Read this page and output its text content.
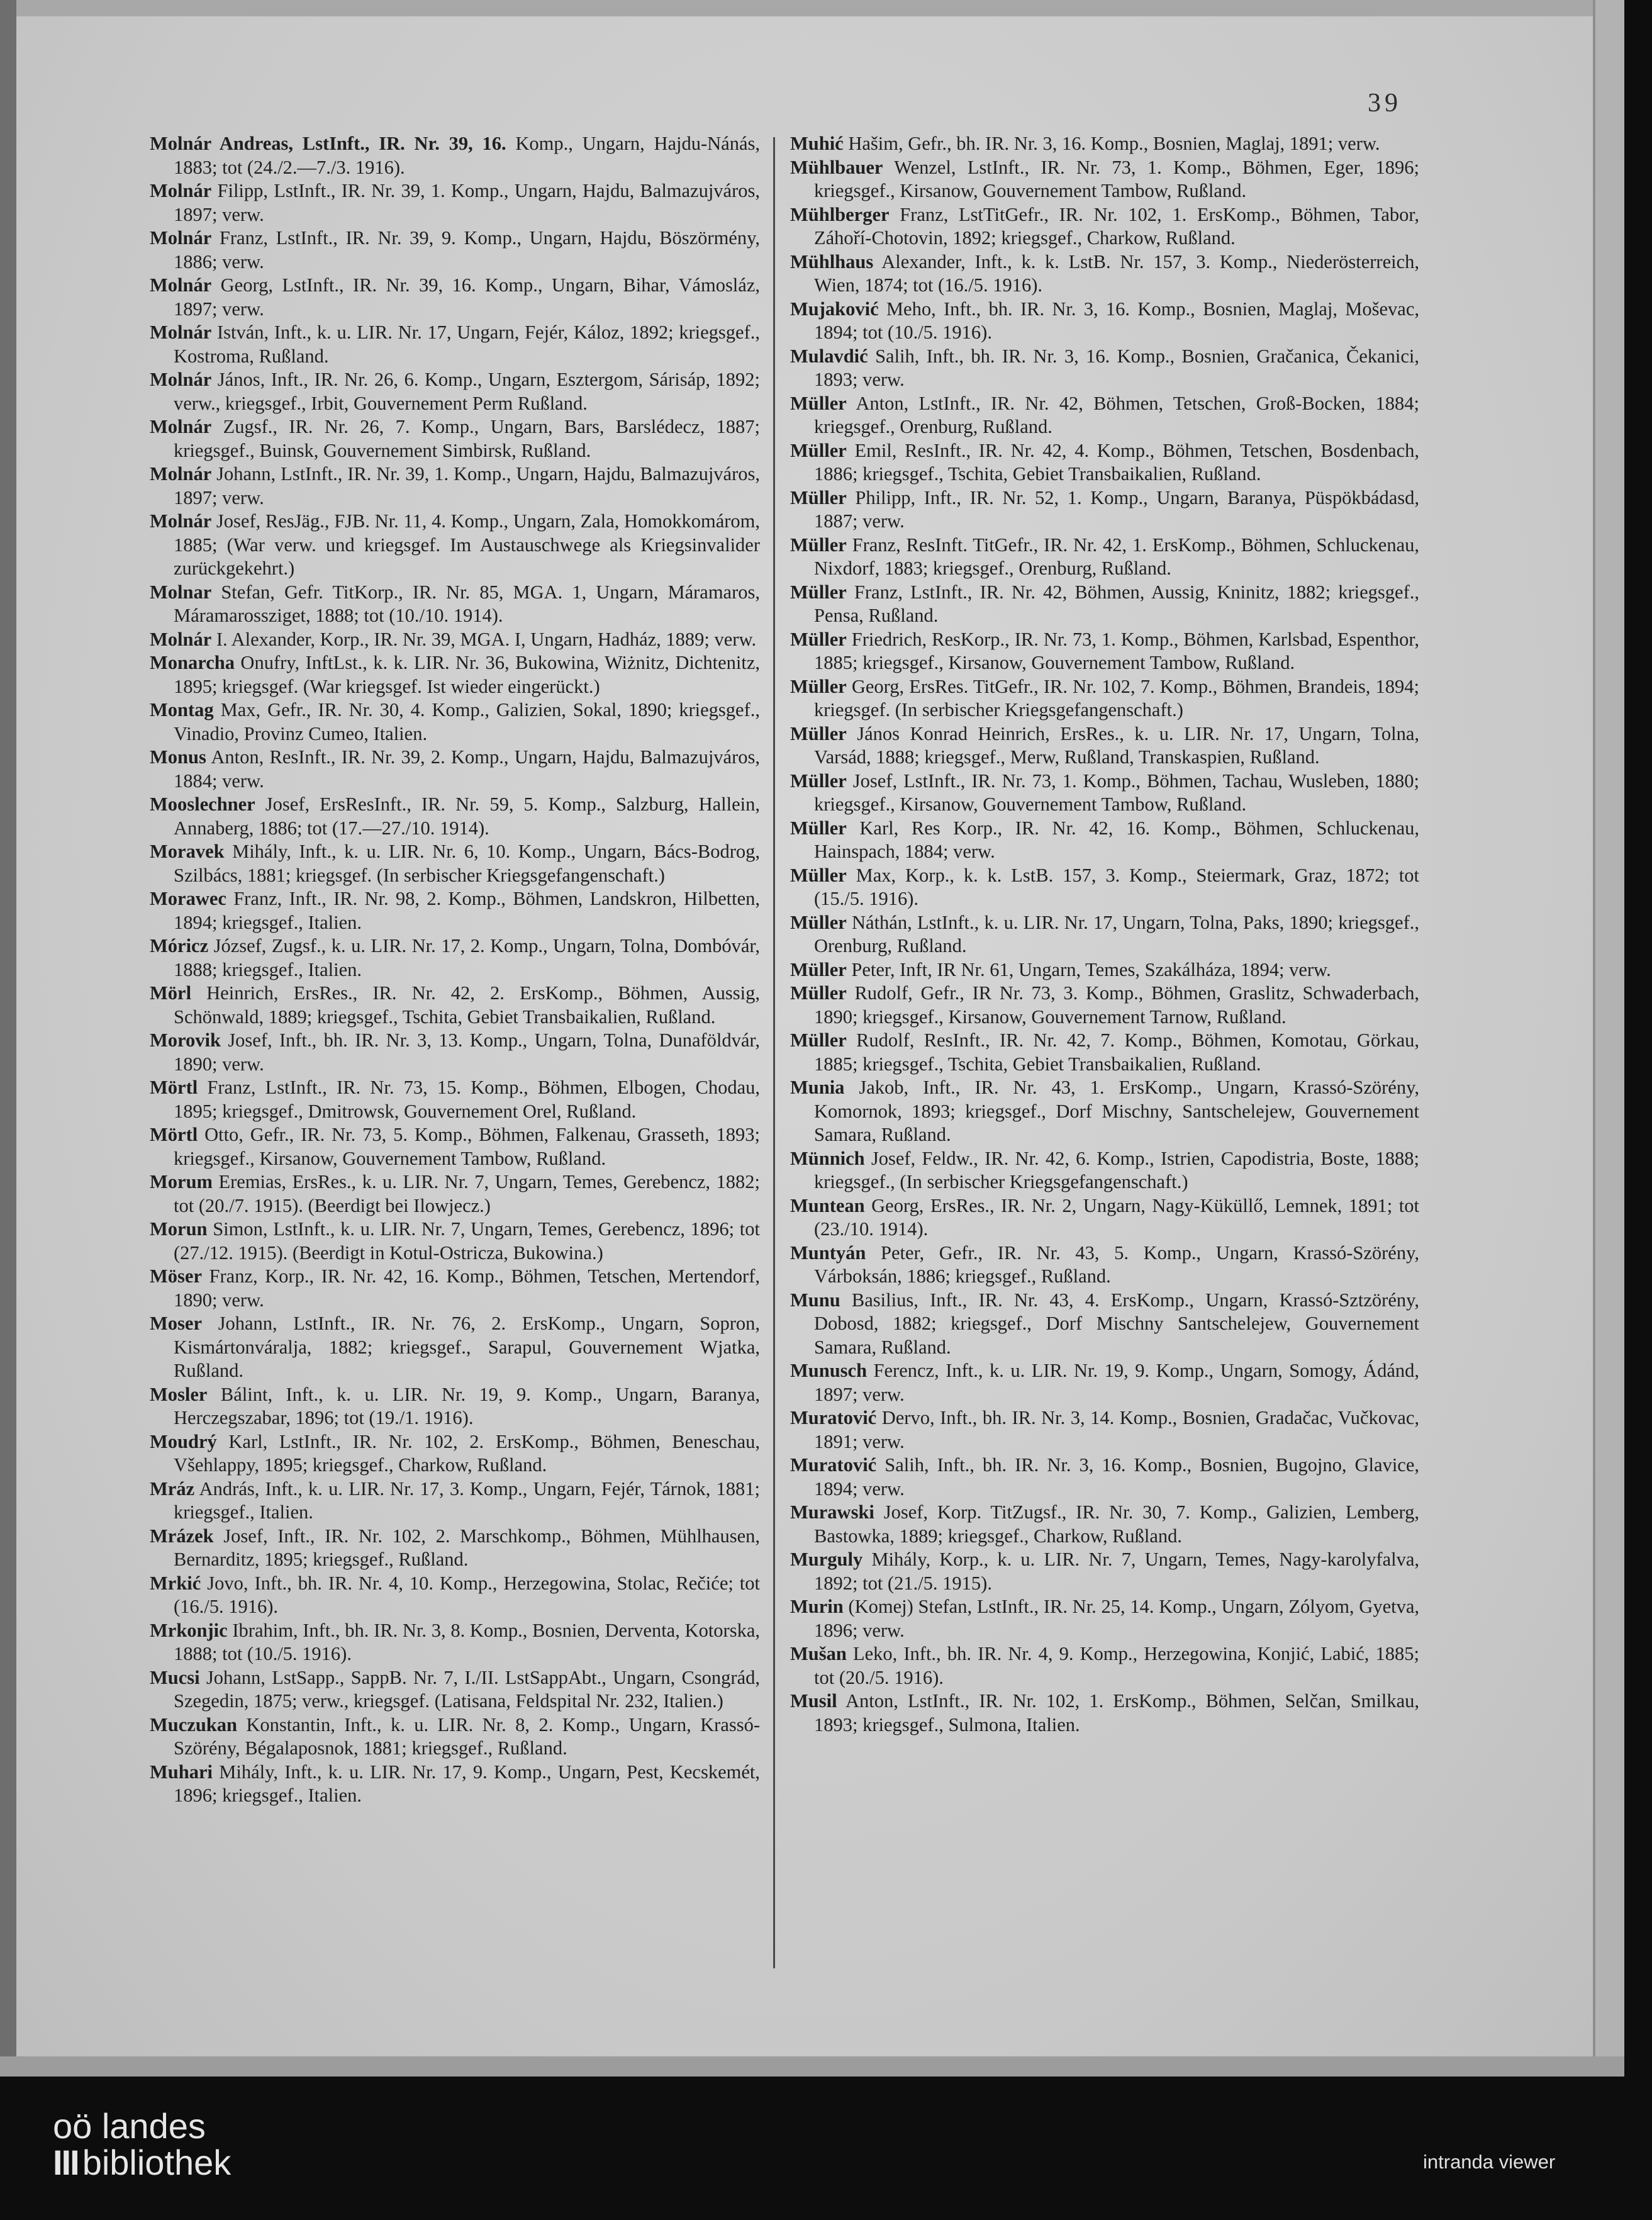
39

Molnár Andreas, LstInft., IR. Nr. 39, 16. Komp., Ungarn, Hajdu-Nánás, 1883; tot (24./2.—7./3. 1916).

Molnár Filipp, LstInft., IR. Nr. 39, 1. Komp., Ungarn, Hajdu, Balmazujváros, 1897; verw.

Molnár Franz, LstInft., IR. Nr. 39, 9. Komp., Ungarn, Hajdu, Böszörmény, 1886; verw.

Molnár Georg, LstInft., IR. Nr. 39, 16. Komp., Ungarn, Bihar, Vámosláz, 1897; verw.

Molnár István, Inft., k. u. LIR. Nr. 17, Ungarn, Fejér, Káloz, 1892; kriegsgef., Kostroma, Rußland.

Molnár János, Inft., IR. Nr. 26, 6. Komp., Ungarn, Esztergom, Sárisáp, 1892; verw., kriegsgef., Irbit, Gouvernement Perm Rußland.

Molnár Zugsf., IR. Nr. 26, 7. Komp., Ungarn, Bars, Barslédecz, 1887; kriegsgef., Buinsk, Gouvernement Simbirsk, Rußland.

Molnár Johann, LstInft., IR. Nr. 39, 1. Komp., Ungarn, Hajdu, Balmazujváros, 1897; verw.

Molnár Josef, ResJäg., FJB. Nr. 11, 4. Komp., Ungarn, Zala, Homokkomárom, 1885; (War verw. und kriegsgef. Im Austauschwege als Kriegsinvalider zurückgekehrt.)

Molnar Stefan, Gefr. TitKorp., IR. Nr. 85, MGA. 1, Ungarn, Máramaros, Máramarossziget, 1888; tot (10./10. 1914).

Molnár I. Alexander, Korp., IR. Nr. 39, MGA. I, Ungarn, Hadház, 1889; verw.

Monarcha Onufry, InftLst., k. k. LIR. Nr. 36, Bukowina, Wiżnitz, Dichtenitz, 1895; kriegsgef. (War kriegsgef. Ist wieder eingerückt.)

Montag Max, Gefr., IR. Nr. 30, 4. Komp., Galizien, Sokal, 1890; kriegsgef., Vinadio, Provinz Cumeo, Italien.

Monus Anton, ResInft., IR. Nr. 39, 2. Komp., Ungarn, Hajdu, Balmazujváros, 1884; verw.

Mooslechner Josef, ErsResInft., IR. Nr. 59, 5. Komp., Salzburg, Hallein, Annaberg, 1886; tot (17.—27./10. 1914).

Moravek Mihály, Inft., k. u. LIR. Nr. 6, 10. Komp., Ungarn, Bács-Bodrog, Szilbács, 1881; kriegsgef. (In serbischer Kriegsgefangenschaft.)

Morawec Franz, Inft., IR. Nr. 98, 2. Komp., Böhmen, Landskron, Hilbetten, 1894; kriegsgef., Italien.

Móricz József, Zugsf., k. u. LIR. Nr. 17, 2. Komp., Ungarn, Tolna, Dombóvár, 1888; kriegsgef., Italien.

Mörl Heinrich, ErsRes., IR. Nr. 42, 2. ErsKomp., Böhmen, Aussig, Schönwald, 1889; kriegsgef., Tschita, Gebiet Transbaikalien, Rußland.

Morovik Josef, Inft., bh. IR. Nr. 3, 13. Komp., Ungarn, Tolna, Dunaföldvár, 1890; verw.

Mörtl Franz, LstInft., IR. Nr. 73, 15. Komp., Böhmen, Elbogen, Chodau, 1895; kriegsgef., Dmitrowsk, Gouvernement Orel, Rußland.

Mörtl Otto, Gefr., IR. Nr. 73, 5. Komp., Böhmen, Falkenau, Grasseth, 1893; kriegsgef., Kirsanow, Gouvernement Tambow, Rußland.

Morum Eremias, ErsRes., k. u. LIR. Nr. 7, Ungarn, Temes, Gerebencz, 1882; tot (20./7. 1915). (Beerdigt bei Ilowjecz.)

Morun Simon, LstInft., k. u. LIR. Nr. 7, Ungarn, Temes, Gerebencz, 1896; tot (27./12. 1915). (Beerdigt in Kotul-Ostricza, Bukowina.)

Möser Franz, Korp., IR. Nr. 42, 16. Komp., Böhmen, Tetschen, Mertendorf, 1890; verw.

Moser Johann, LstInft., IR. Nr. 76, 2. ErsKomp., Ungarn, Sopron, Kismártonváralja, 1882; kriegsgef., Sarapul, Gouvernement Wjatka, Rußland.

Mosler Bálint, Inft., k. u. LIR. Nr. 19, 9. Komp., Ungarn, Baranya, Herczegszabar, 1896; tot (19./1. 1916).

Moudrý Karl, LstInft., IR. Nr. 102, 2. ErsKomp., Böhmen, Beneschau, Všehlappy, 1895; kriegsgef., Charkow, Rußland.

Mráz András, Inft., k. u. LIR. Nr. 17, 3. Komp., Ungarn, Fejér, Tárnok, 1881; kriegsgef., Italien.

Mrázek Josef, Inft., IR. Nr. 102, 2. Marschkomp., Böhmen, Mühlhausen, Bernarditz, 1895; kriegsgef., Rußland.

Mrkić Jovo, Inft., bh. IR. Nr. 4, 10. Komp., Herzegowina, Stolac, Rečiće; tot (16./5. 1916).

Mrkonjic Ibrahim, Inft., bh. IR. Nr. 3, 8. Komp., Bosnien, Derventa, Kotorska, 1888; tot (10./5. 1916).

Mucsi Johann, LstSapp., SappB. Nr. 7, I./II. LstSappAbt., Ungarn, Csongrád, Szegedin, 1875; verw., kriegsgef. (Latisana, Feldspital Nr. 232, Italien.)

Muczukan Konstantin, Inft., k. u. LIR. Nr. 8, 2. Komp., Ungarn, Krassó-Szörény, Bégalaposnok, 1881; kriegsgef., Rußland.

Muhari Mihály, Inft., k. u. LIR. Nr. 17, 9. Komp., Ungarn, Pest, Kecskemét, 1896; kriegsgef., Italien.

Muhić Hašim, Gefr., bh. IR. Nr. 3, 16. Komp., Bosnien, Maglaj, 1891; verw.

Mühlbauer Wenzel, LstInft., IR. Nr. 73, 1. Komp., Böhmen, Eger, 1896; kriegsgef., Kirsanow, Gouvernement Tambow, Rußland.

Mühlberger Franz, LstTitGefr., IR. Nr. 102, 1. ErsKomp., Böhmen, Tabor, Záhoří-Chotovin, 1892; kriegsgef., Charkow, Rußland.

Mühlhaus Alexander, Inft., k. k. LstB. Nr. 157, 3. Komp., Niederösterreich, Wien, 1874; tot (16./5. 1916).

Mujaković Meho, Inft., bh. IR. Nr. 3, 16. Komp., Bosnien, Maglaj, Moševac, 1894; tot (10./5. 1916).

Mulavdić Salih, Inft., bh. IR. Nr. 3, 16. Komp., Bosnien, Gračanica, Čekanici, 1893; verw.

Müller Anton, LstInft., IR. Nr. 42, Böhmen, Tetschen, Groß-Bocken, 1884; kriegsgef., Orenburg, Rußland.

Müller Emil, ResInft., IR. Nr. 42, 4. Komp., Böhmen, Tetschen, Bosdenbach, 1886; kriegsgef., Tschita, Gebiet Transbaikalien, Rußland.

Müller Philipp, Inft., IR. Nr. 52, 1. Komp., Ungarn, Baranya, Püspökbádasd, 1887; verw.

Müller Franz, ResInft. TitGefr., IR. Nr. 42, 1. ErsKomp., Böhmen, Schluckenau, Nixdorf, 1883; kriegsgef., Orenburg, Rußland.

Müller Franz, LstInft., IR. Nr. 42, Böhmen, Aussig, Kninitz, 1882; kriegsgef., Pensa, Rußland.

Müller Friedrich, ResKorp., IR. Nr. 73, 1. Komp., Böhmen, Karlsbad, Espenthor, 1885; kriegsgef., Kirsanow, Gouvernement Tambow, Rußland.

Müller Georg, ErsRes. TitGefr., IR. Nr. 102, 7. Komp., Böhmen, Brandeis, 1894; kriegsgef. (In serbischer Kriegsgefangenschaft.)

Müller János Konrad Heinrich, ErsRes., k. u. LIR. Nr. 17, Ungarn, Tolna, Varsád, 1888; kriegsgef., Merw, Rußland, Transkaspien, Rußland.

Müller Josef, LstInft., IR. Nr. 73, 1. Komp., Böhmen, Tachau, Wusleben, 1880; kriegsgef., Kirsanow, Gouvernement Tambow, Rußland.

Müller Karl, Res Korp., IR. Nr. 42, 16. Komp., Böhmen, Schluckenau, Hainspach, 1884; verw.

Müller Max, Korp., k. k. LstB. 157, 3. Komp., Steiermark, Graz, 1872; tot (15./5. 1916).

Müller Náthán, LstInft., k. u. LIR. Nr. 17, Ungarn, Tolna, Paks, 1890; kriegsgef., Orenburg, Rußland.

Müller Peter, Inft, IR Nr. 61, Ungarn, Temes, Szakálháza, 1894; verw.

Müller Rudolf, Gefr., IR Nr. 73, 3. Komp., Böhmen, Graslitz, Schwaderbach, 1890; kriegsgef., Kirsanow, Gouvernement Tarnow, Rußland.

Müller Rudolf, ResInft., IR. Nr. 42, 7. Komp., Böhmen, Komotau, Görkau, 1885; kriegsgef., Tschita, Gebiet Transbaikalien, Rußland.

Munia Jakob, Inft., IR. Nr. 43, 1. ErsKomp., Ungarn, Krassó-Szörény, Komornok, 1893; kriegsgef., Dorf Mischny, Santschelejew, Gouvernement Samara, Rußland.

Münnich Josef, Feldw., IR. Nr. 42, 6. Komp., Istrien, Capodistria, Boste, 1888; kriegsgef., (In serbischer Kriegsgefangenschaft.)

Muntean Georg, ErsRes., IR. Nr. 2, Ungarn, Nagy-Küküllő, Lemnek, 1891; tot (23./10. 1914).

Muntyán Peter, Gefr., IR. Nr. 43, 5. Komp., Ungarn, Krassó-Szörény, Várboksán, 1886; kriegsgef., Rußland.

Munu Basilius, Inft., IR. Nr. 43, 4. ErsKomp., Ungarn, Krassó-Sztzörény, Dobosd, 1882; kriegsgef., Dorf Mischny Santschelejew, Gouvernement Samara, Rußland.

Munusch Ferencz, Inft., k. u. LIR. Nr. 19, 9. Komp., Ungarn, Somogy, Ádánd, 1897; verw.

Muratović Dervo, Inft., bh. IR. Nr. 3, 14. Komp., Bosnien, Gradačac, Vučkovac, 1891; verw.

Muratović Salih, Inft., bh. IR. Nr. 3, 16. Komp., Bosnien, Bugojno, Glavice, 1894; verw.

Murawski Josef, Korp. TitZugsf., IR. Nr. 30, 7. Komp., Galizien, Lemberg, Bastowka, 1889; kriegsgef., Charkow, Rußland.

Murguly Mihály, Korp., k. u. LIR. Nr. 7, Ungarn, Temes, Nagy-karolyfalva, 1892; tot (21./5. 1915).

Murin (Komej) Stefan, LstInft., IR. Nr. 25, 14. Komp., Ungarn, Zólyom, Gyetva, 1896; verw.

Mušan Leko, Inft., bh. IR. Nr. 4, 9. Komp., Herzegowina, Konjić, Labić, 1885; tot (20./5. 1916).

Musil Anton, LstInft., IR. Nr. 102, 1. ErsKomp., Böhmen, Selčan, Smilkau, 1893; kriegsgef., Sulmona, Italien.

oö landes
III bibliothek	intranda viewer
